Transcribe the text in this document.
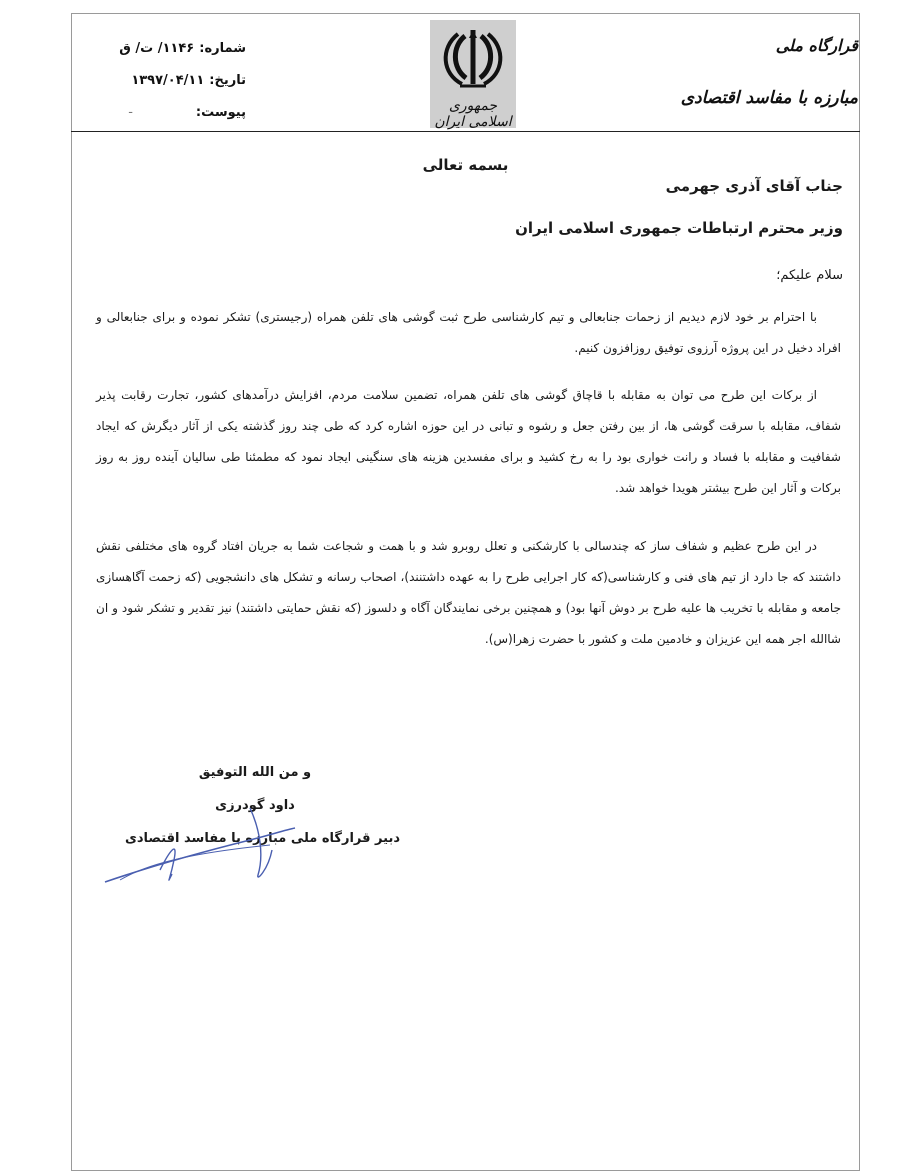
جمهوری اسلامی ایران
قرارگاه ملی
مبارزه با مفاسد اقتصادی
شماره:۱۱۴۶/ ت/ ق
تاریخ:۱۳۹۷/۰۴/۱۱
پیوست:-
بسمه تعالی
جناب آقای آذری جهرمی
وزیر محترم ارتباطات جمهوری اسلامی ایران
سلام علیکم؛

با احترام بر خود لازم دیدیم از زحمات جنابعالی و تیم کارشناسی طرح ثبت گوشی های تلفن همراه (رجیستری) تشکر نموده و برای جنابعالی و افراد دخیل در این پروژه آرزوی توفیق روزافزون کنیم.

از برکات این طرح می توان به مقابله با قاچاق گوشی های تلفن همراه، تضمین سلامت مردم، افزایش درآمدهای کشور، تجارت رقابت پذیر شفاف، مقابله با سرقت گوشی ها، از بین رفتن جعل و رشوه و تبانی در این حوزه اشاره کرد که طی چند روز گذشته یکی از آثار دیگرش که ایجاد شفافیت و مقابله با فساد و رانت خواری بود را به رخ کشید و برای مفسدین هزینه های سنگینی ایجاد نمود که مطمئنا طی سالیان آینده روز به روز برکات و آثار این طرح بیشتر هویدا خواهد شد.

در این طرح عظیم و شفاف ساز که چندسالی با کارشکنی و تعلل روبرو شد و با همت و شجاعت شما به جریان افتاد گروه های مختلفی نقش داشتند که جا دارد از تیم های فنی و کارشناسی(که کار اجرایی طرح را به عهده داشتنند)، اصحاب رسانه و تشکل های دانشجویی (که زحمت آگاهسازی جامعه و مقابله با تخریب ها علیه طرح بر دوش آنها بود) و همچنین برخی نمایندگان آگاه و دلسوز (که نقش حمایتی داشتند) نیز تقدیر و تشکر شود و ان شاالله اجر همه این عزیزان و خادمین ملت و کشور با حضرت زهرا(س).

و من الله التوفیق
داود گودرزی
دبیر قرارگاه ملی مبارزه با مفاسد اقتصادی
